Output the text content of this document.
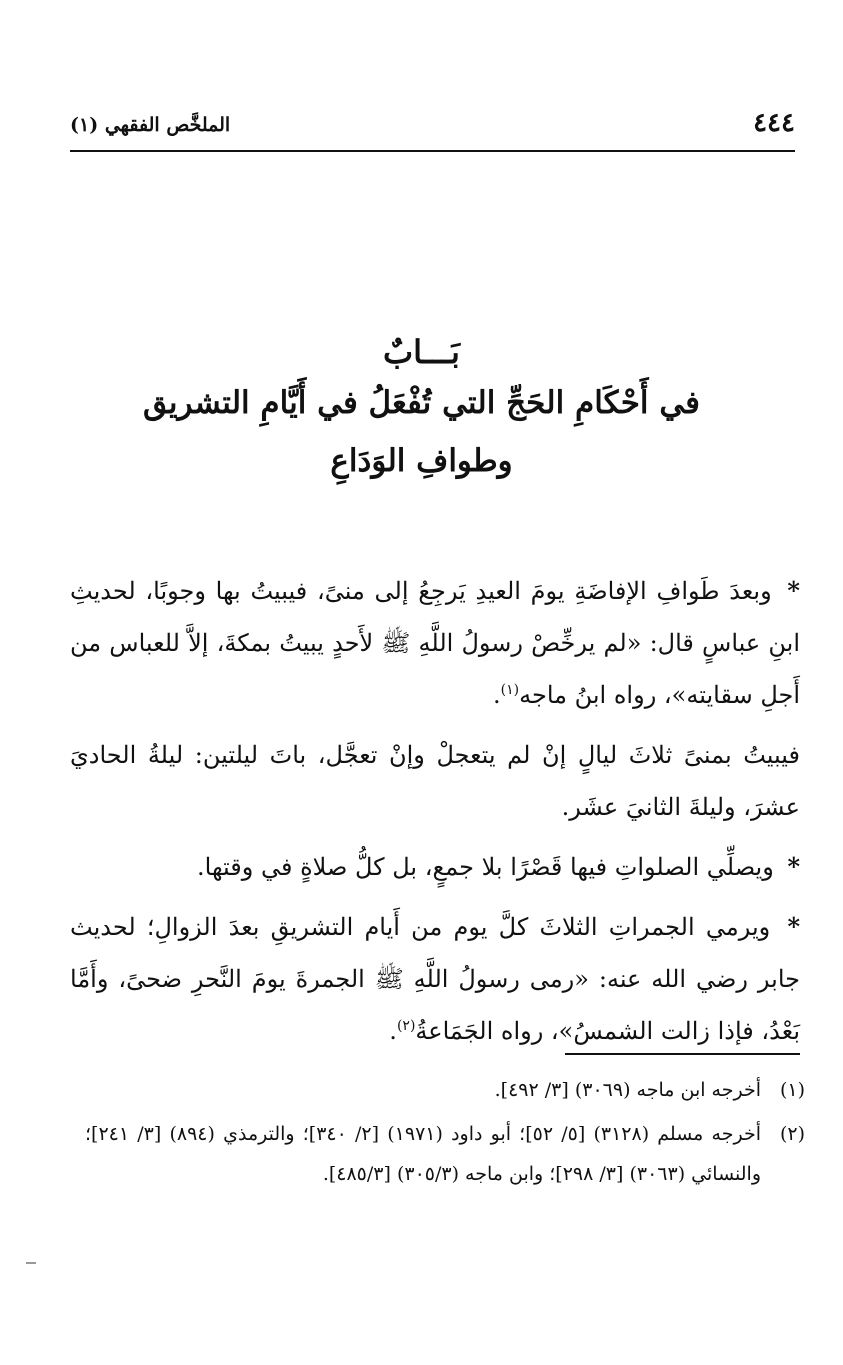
٤٤٤
الملخَّص الفقهي (١)
بَـــابٌ
في أَحْكَامِ الحَجِّ التي تُفْعَلُ في أَيَّامِ التشريق
وطوافِ الوَدَاعِ

* وبعدَ طَوافِ الإفاضَةِ يومَ العيدِ يَرجِعُ إلى منىً، فيبيتُ بها وجوبًا، لحديثِ ابنِ عباسٍ قال: «لم يرخِّصْ رسولُ اللَّهِ ﷺ لأَحدٍ يبيتُ بمكةَ، إلاَّ للعباس من أَجلِ سقايته»، رواه ابنُ ماجه$^{(١)}$.

فيبيتُ بمنىً ثلاثَ ليالٍ إنْ لم يتعجلْ وإنْ تعجَّل، باتَ ليلتين: ليلةُ الحاديَ عشرَ، وليلةَ الثانيَ عشَر.

* ويصلِّي الصلواتِ فيها قَصْرًا بلا جمعٍ، بل كلُّ صلاةٍ في وقتها.

* ويرمي الجمراتِ الثلاثَ كلَّ يوم من أَيام التشريقِ بعدَ الزوالِ؛ لحديث جابر رضي الله عنه: «رمى رسولُ اللَّهِ ﷺ الجمرةَ يومَ النَّحرِ ضحىً، وأَمَّا بَعْدُ، فإذا زالت الشمسُ»، رواه الجَمَاعةُ$^{(٢)}$.

(١)
أخرجه ابن ماجه (٣٠٦٩) [٣/ ٤٩٢].
(٢)
أخرجه مسلم (٣١٢٨) [٥/ ٥٢]؛ أبو داود (١٩٧١) [٢/ ٣٤٠]؛ والترمذي (٨٩٤) [٣/ ٢٤١]؛ والنسائي (٣٠٦٣) [٣/ ٢٩٨]؛ وابن ماجه (٣٠٥/٣) [٤٨٥/٣].
